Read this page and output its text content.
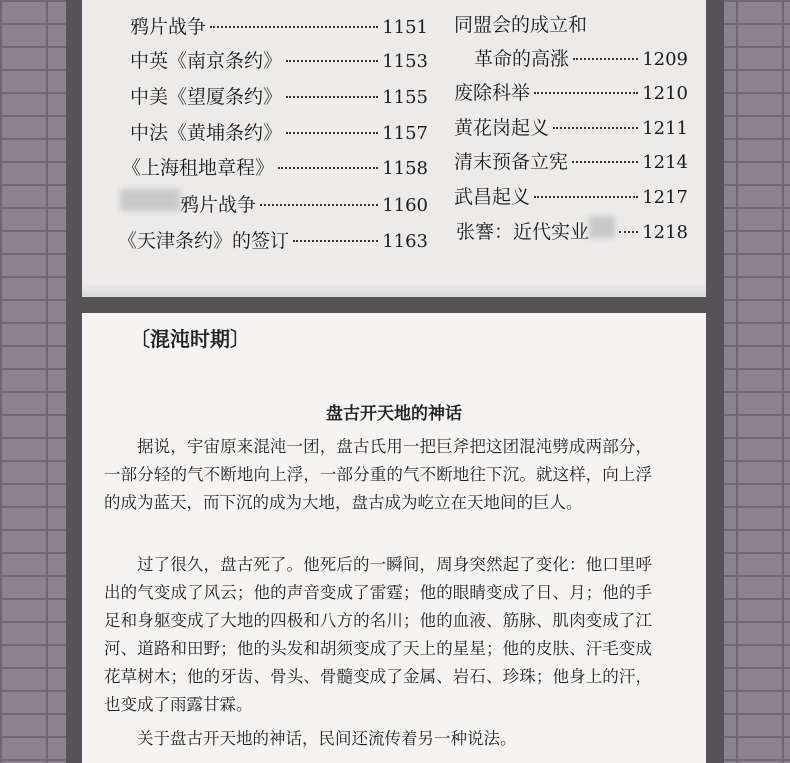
鸦片战争	1151
中英《南京条约》	1153
中美《望厦条约》	1155
中法《黄埔条约》	1157
《上海租地章程》	1158
鸦片战争	1160
《天津条约》的签订	1163
同盟会的成立和
革命的高涨	1209
废除科举	1210
黄花岗起义	1211
清末预备立宪	1214
武昌起义	1217
张謇：近代实业	1218
〔混沌时期〕
盘古开天地的神话

据说，宇宙原来混沌一团，盘古氏用一把巨斧把这团混沌劈成两部分，一部分轻的气不断地向上浮，一部分重的气不断地往下沉。就这样，向上浮的成为蓝天，而下沉的成为大地，盘古成为屹立在天地间的巨人。

过了很久，盘古死了。他死后的一瞬间，周身突然起了变化：他口里呼出的气变成了风云；他的声音变成了雷霆；他的眼睛变成了日、月；他的手足和身躯变成了大地的四极和八方的名川；他的血液、筋脉、肌肉变成了江河、道路和田野；他的头发和胡须变成了天上的星星；他的皮肤、汗毛变成花草树木；他的牙齿、骨头、骨髓变成了金属、岩石、珍珠；他身上的汗，也变成了雨露甘霖。

关于盘古开天地的神话，民间还流传着另一种说法。
